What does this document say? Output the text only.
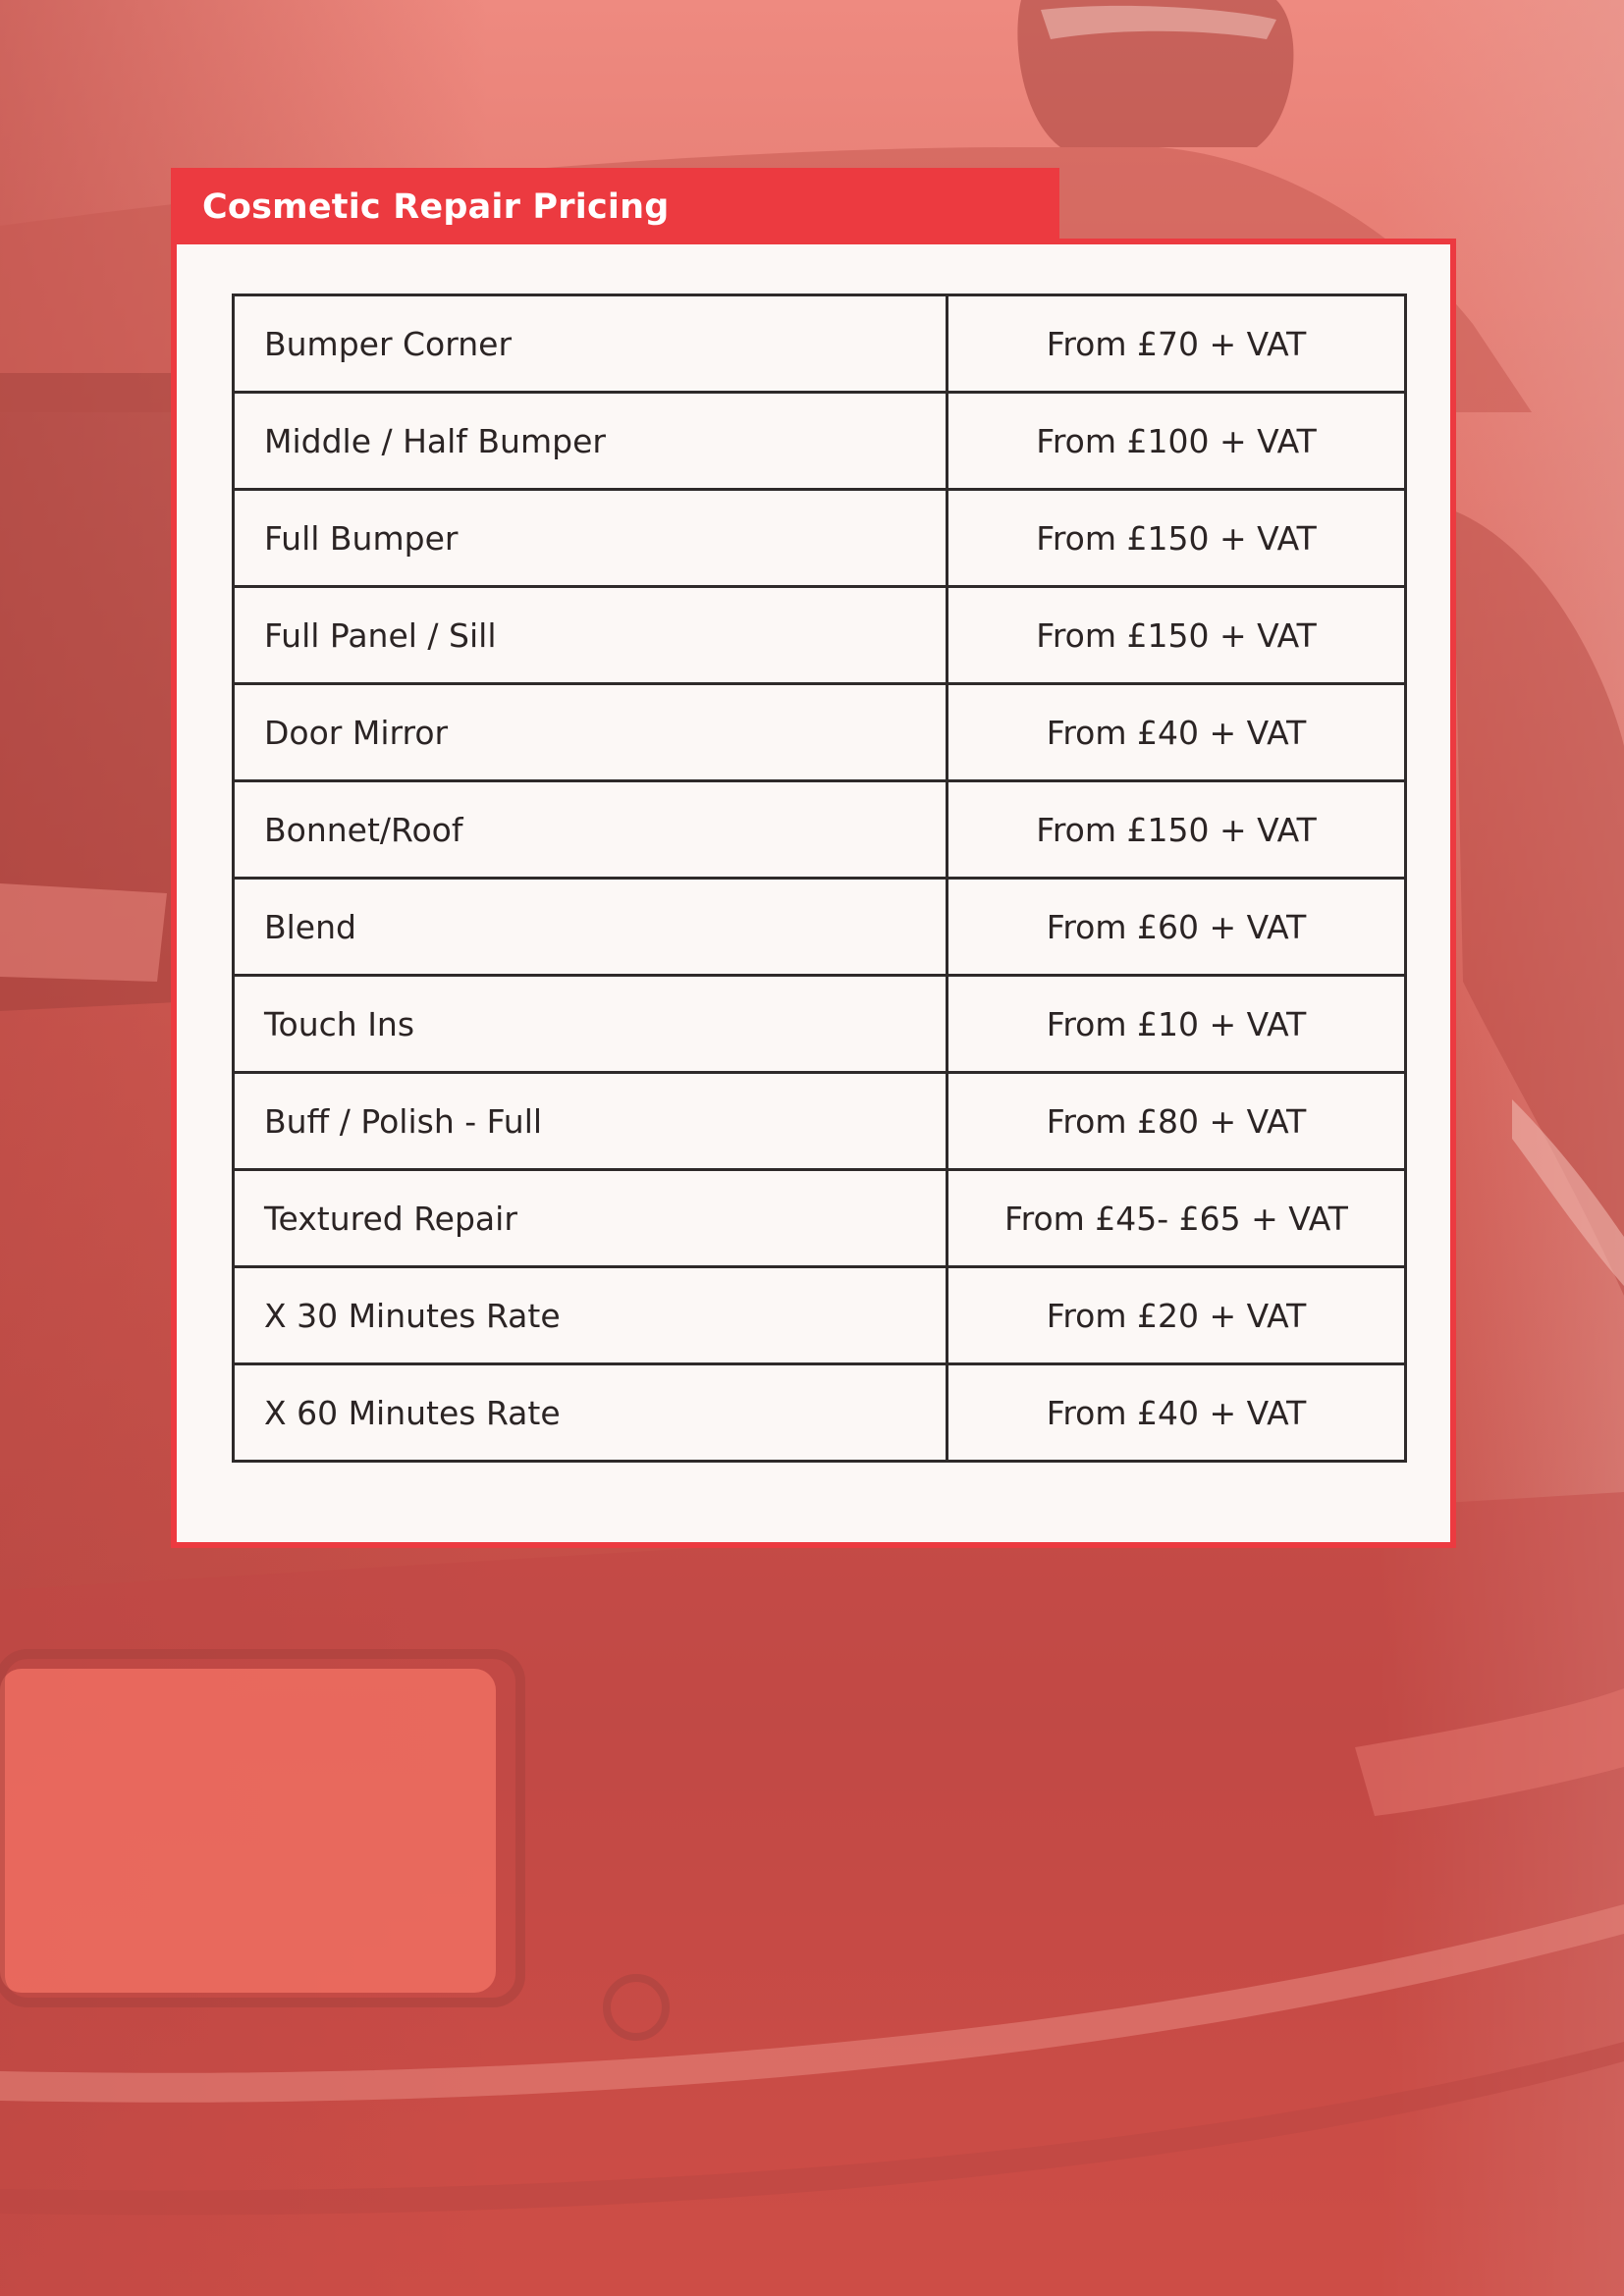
Cosmetic Repair Pricing
Bumper Corner	From £70 + VAT
Middle / Half Bumper	From £100 + VAT
Full Bumper	From £150 + VAT
Full Panel / Sill	From £150 + VAT
Door Mirror	From £40 + VAT
Bonnet/Roof	From £150 + VAT
Blend	From £60 + VAT
Touch Ins	From £10 + VAT
Buff / Polish - Full	From £80 + VAT
Textured Repair	From £45- £65 + VAT
X 30 Minutes Rate	From £20 + VAT
X 60 Minutes Rate	From £40 + VAT
